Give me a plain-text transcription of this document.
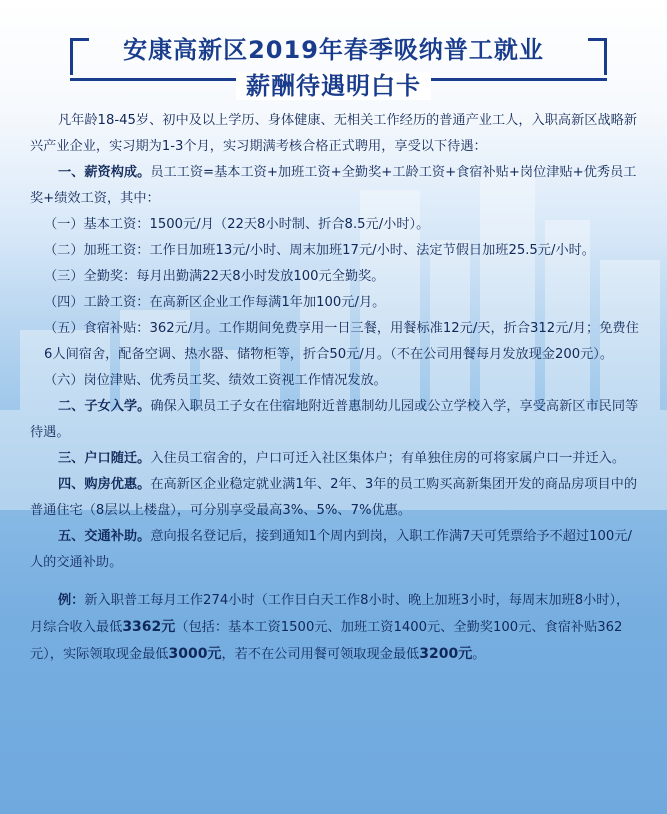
安康高新区2019年春季吸纳普工就业
薪酬待遇明白卡

凡年龄18-45岁、初中及以上学历、身体健康、无相关工作经历的普通产业工人，入职高新区战略新兴产业企业，实习期为1-3个月，实习期满考核合格正式聘用，享受以下待遇：

一、薪资构成。员工工资=基本工资+加班工资+全勤奖+工龄工资+食宿补贴+岗位津贴+优秀员工奖+绩效工资，其中：

（一）基本工资：1500元/月（22天8小时制、折合8.5元/小时）。

（二）加班工资：工作日加班13元/小时、周末加班17元/小时、法定节假日加班25.5元/小时。

（三）全勤奖：每月出勤满22天8小时发放100元全勤奖。

（四）工龄工资：在高新区企业工作每满1年加100元/月。

（五）食宿补贴：362元/月。工作期间免费享用一日三餐，用餐标准12元/天，折合312元/月；免费住6人间宿舍，配备空调、热水器、储物柜等，折合50元/月。（不在公司用餐每月发放现金200元）。

（六）岗位津贴、优秀员工奖、绩效工资视工作情况发放。

二、子女入学。确保入职员工子女在住宿地附近普惠制幼儿园或公立学校入学，享受高新区市民同等待遇。

三、户口随迁。入住员工宿舍的，户口可迁入社区集体户；有单独住房的可将家属户口一并迁入。

四、购房优惠。在高新区企业稳定就业满1年、2年、3年的员工购买高新集团开发的商品房项目中的普通住宅（8层以上楼盘），可分别享受最高3%、5%、7%优惠。

五、交通补助。意向报名登记后，接到通知1个周内到岗，入职工作满7天可凭票给予不超过100元/人的交通补助。

例：新入职普工每月工作274小时（工作日白天工作8小时、晚上加班3小时，每周末加班8小时），月综合收入最低3362元（包括：基本工资1500元、加班工资1400元、全勤奖100元、食宿补贴362元），实际领取现金最低3000元，若不在公司用餐可领取现金最低3200元。
